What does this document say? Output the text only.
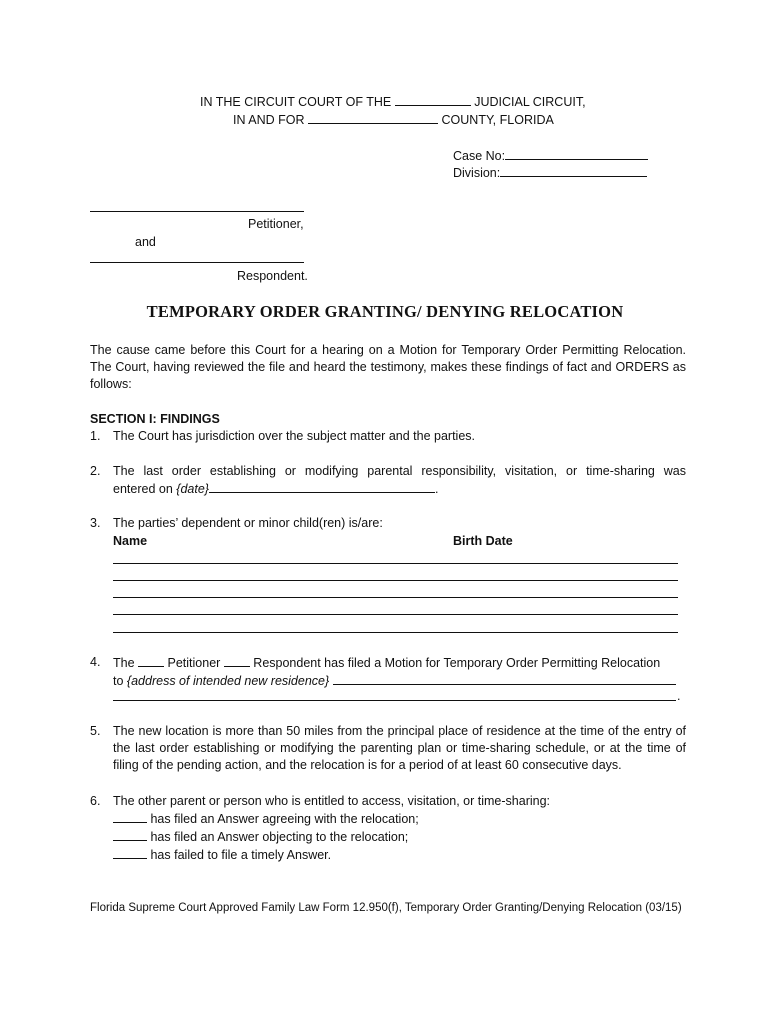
IN THE CIRCUIT COURT OF THE	JUDICIAL CIRCUIT,
IN AND FOR	COUNTY, FLORIDA
Case No:
Division:
Petitioner,
and
Respondent.
TEMPORARY ORDER GRANTING/ DENYING RELOCATION
The cause came before this Court for a hearing on a Motion for Temporary Order Permitting Relocation. The Court, having reviewed the file and heard the testimony, makes these findings of fact and ORDERS as follows:
SECTION I: FINDINGS
1.	The Court has jurisdiction over the subject matter and the parties.
2.	The last order establishing or modifying parental responsibility, visitation, or time-sharing was
entered on {date}	.
3.	The parties’ dependent or minor child(ren) is/are:
Name	Birth Date
4.	The	Petitioner	Respondent has filed a Motion for Temporary Order Permitting Relocation
to {address of intended new residence}
.
5.	The new location is more than 50 miles from the principal place of residence at the time of the entry of the last order establishing or modifying the parenting plan or time-sharing schedule, or at the time of filing of the pending action, and the relocation is for a period of at least 60 consecutive days.
6.	The other parent or person who is entitled to access, visitation, or time-sharing:
has filed an Answer agreeing with the relocation;
has filed an Answer objecting to the relocation;
has failed to file a timely Answer.
Florida Supreme Court Approved Family Law Form 12.950(f), Temporary Order Granting/Denying Relocation (03/15)
